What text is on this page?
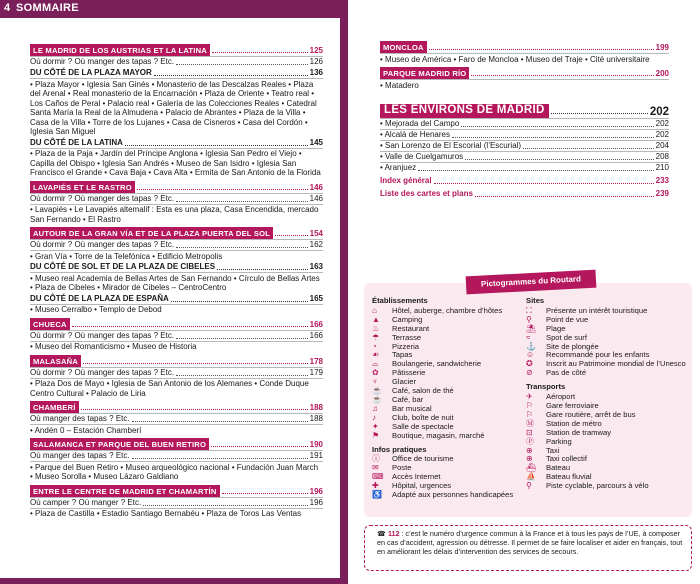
4 SOMMAIRE
LE MADRID DE LOS AUSTRIAS ET LA LATINA	125
Où dormir ? Où manger des tapas ? Etc.	126
DU CÔTÉ DE LA PLAZA MAYOR	136
• Plaza Mayor • Iglesia San Ginés • Monasterio de las Descalzas Reales • Plaza del Arenal • Real monasterio de la Encarnación • Plaza de Oriente • Teatro real • Los Caños de Peral • Palacio real • Galería de las Colecciones Reales • Catedral Santa María la Real de la Almudena • Palacio de Abrantes • Plaza de la Villa • Casa de la Villa • Torre de los Lujanes • Casa de Cisneros • Casa del Cordón • Iglesia San Miguel
DU CÔTÉ DE LA LATINA	145
• Plaza de la Paja • Jardín del Príncipe Anglona • Iglesia San Pedro el Viejo • Capilla del Obispo • Iglesia San Andrés • Museo de San Isidro • Iglesia San Francisco el Grande • Cava Baja • Cava Alta • Ermita de San Antonio de la Florida
LAVAPIÉS ET LE RASTRO	146
Où dormir ? Où manger des tapas ? Etc.	146
• Lavapiés • Le Lavapiés altemalif : Esta es una plaza, Casa Encendida, mercado San Fernando • El Rastro
AUTOUR DE LA GRAN VÍA ET DE LA PLAZA PUERTA DEL SOL	154
Où dormir ? Où manger des tapas ? Etc.	162
• Gran Vía • Torre de la Telefónica • Edificio Metropolis
DU CÔTÉ DE SOL ET DE LA PLAZA DE CIBELES	163
• Museo real Academia de Bellas Artes de San Fernando • Círculo de Bellas Artes • Plaza de Cibeles • Mirador de Cibeles – CentroCentro
DU CÔTÉ DE LA PLAZA DE ESPAÑA	165
• Museo Cerralbo • Templo de Debod
CHUECA	166
Où dormir ? Où manger des tapas ? Etc.	166
• Museo del Romanticismo • Museo de Historia
MALASAÑA	178
Où dormir ? Où manger des tapas ? Etc.	179
• Plaza Dos de Mayo • Iglesia de San Antonio de los Alemanes • Conde Duque Centro Cultural • Palacio de Liria
CHAMBERÍ	188
Où manger des tapas ? Etc.	188
• Andén 0 – Estación Chamberí
SALAMANCA ET PARQUE DEL BUEN RETIRO	190
Où manger des tapas ? Etc.	191
• Parque del Buen Retiro • Museo arqueológico nacional • Fundación Juan March • Museo Sorolla • Museo Lázaro Galdiano
ENTRE LE CENTRE DE MADRID ET CHAMARTÍN	196
Où camper ? Où manger ? Etc.	196
• Plaza de Castilla • Estadio Santiago Bernabéu • Plaza de Toros Las Ventas
MONCLOA	199
• Museo de América • Faro de Moncloa • Museo del Traje • Cité universitaire
PARQUE MADRID RÍO	200
• Matadero
LES ENVIRONS DE MADRID	202
• Mejorada del Campo	202
• Alcalá de Henares	202
• San Lorenzo de El Escorial (l’Escurial)	204
• Valle de Cuelgamuros	208
• Aranjuez	210
Index général	233
Liste des cartes et plans	239
Pictogrammes du Routard
Établissements
⌂	Hôtel, auberge, chambre d’hôtes
▲	Camping
♨	Restaurant
☂	Terrasse
◔	Pizzeria
☙	Tapas
⌓	Boulangerie, sandwicherie
✿	Pâtisserie
♆	Glacier
☕	Café, salon de thé
☕	Café, bar
♫	Bar musical
♪	Club, boîte de nuit
✦	Salle de spectacle
⚑	Boutique, magasin, marché
Infos pratiques
ⓘ	Office de tourisme
✉	Poste
⌨	Accès Internet
✚	Hôpital, urgences
♿	Adapté aux personnes handicapées
Sites
⛶	Présente un intérêt touristique
⚲	Point de vue
⛱	Plage
≈	Spot de surf
⚓	Site de plongée
☺	Recommandé pour les enfants
✪	Inscrit au Patrimoine mondial de l’Unesco
⊘	Pas de côté
Transports
✈	Aéroport
⚐	Gare ferroviaire
⚐	Gare routière, arrêt de bus
Ⓜ	Station de métro
⊡	Station de tramway
Ⓟ	Parking
⊕	Taxi
⊕	Taxi collectif
⛴	Bateau
⛵	Bateau fluvial
⚲	Piste cyclable, parcours à vélo
☎ 112 : c’est le numéro d’urgence commun à la France et à tous les pays de l’UE, à composer en cas d’accident, agression ou détresse. Il permet de se faire localiser et aider en français, tout en améliorant les délais d’intervention des services de secours.
